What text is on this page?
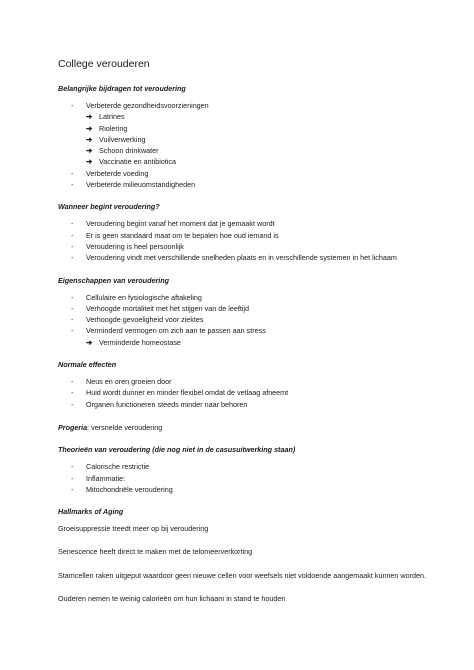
College verouderen
Belangrijke bijdragen tot veroudering
- Verbeterde gezondheidsvoorzieningen
➔ Latrines
➔ Riolering
➔ Vuilverwerking
➔ Schoon drinkwater
➔ Vaccinatie en antibiotica
- Verbeterde voeding
- Verbeterde milieuomstandigheden
Wanneer begint veroudering?
- Veroudering begint vanaf het moment dat je gemaakt wordt
- Er is geen standaard maat om te bepalen hoe oud iemand is
- Veroudering is heel persoonlijk
- Veroudering vindt met verschillende snelheden plaats en in verschillende systemen in het lichaam
Eigenschappen van veroudering
- Cellulaire en fysiologische aftakeling
- Verhoogde mortaliteit met het stijgen van de leeftijd
- Verhoogde gevoeligheid voor ziektes
- Verminderd vermogen om zich aan te passen aan stress
➔ Verminderde homeostase
Normale effecten
- Neus en oren groeien door
- Huid wordt dunner en minder flexibel omdat de vetlaag afneemt
- Organen functioneren steeds minder naar behoren

Progeria: versnelde veroudering

Theorieën van veroudering (die nog niet in de casusuitwerking staan)
- Calorische restrictie
- Inflammatie:
- Mitochondriële veroudering
Hallmarks of Aging

Groeisuppressie treedt meer op bij veroudering

Senescence heeft direct te maken met de telomeerverkorting

Stamcellen raken uitgeput waardoor geen nieuwe cellen voor weefsels niet voldoende aangemaakt kunnen worden.

Ouderen nemen te weinig calorieën om hun lichaam in stand te houden
